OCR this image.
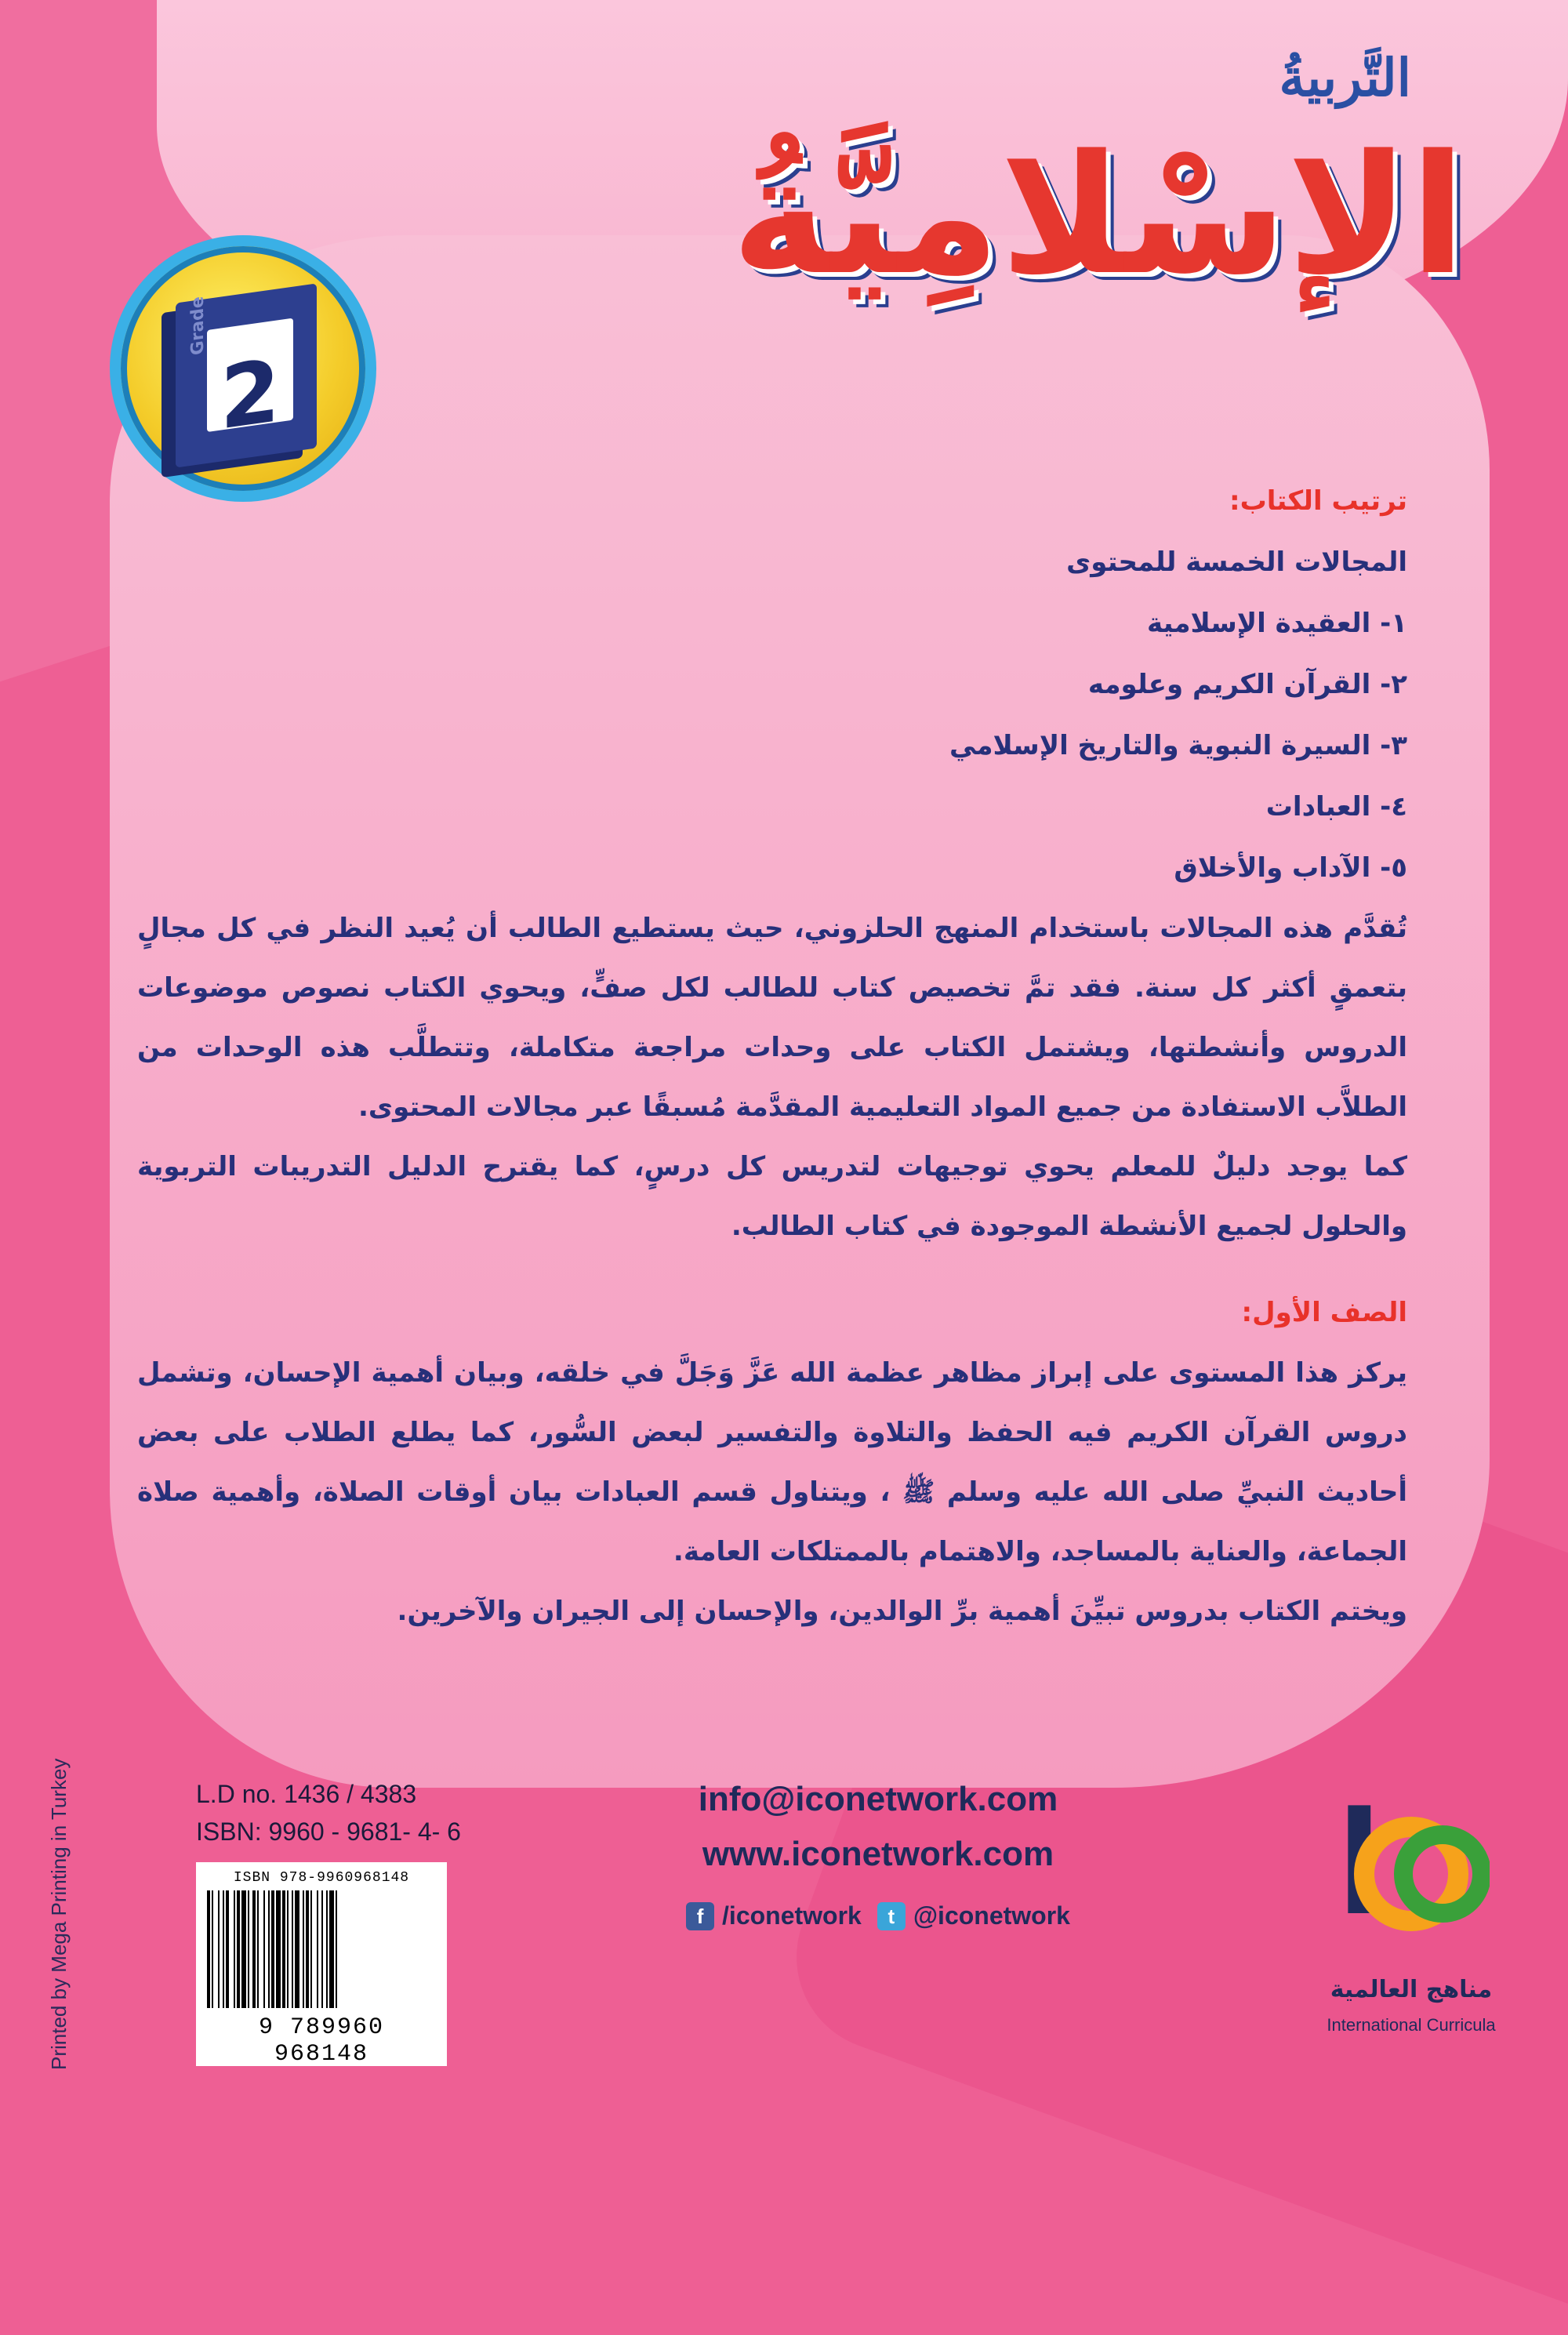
التَّربيةُ
الإسْلامِيَّةُ
2
Grade
ترتيب الكتاب:
المجالات الخمسة للمحتوى
١- العقيدة الإسلامية
٢- القرآن الكريم وعلومه
٣- السيرة النبوية والتاريخ الإسلامي
٤- العبادات
٥- الآداب والأخلاق
تُقدَّم هذه المجالات باستخدام المنهج الحلزوني، حيث يستطيع الطالب أن يُعيد النظر في كل مجالٍ بتعمقٍ أكثر كل سنة. فقد تمَّ تخصيص كتاب للطالب لكل صفٍّ، ويحوي الكتاب نصوص موضوعات الدروس وأنشطتها، ويشتمل الكتاب على وحدات مراجعة متكاملة، وتتطلَّب هذه الوحدات من الطلاَّب الاستفادة من جميع المواد التعليمية المقدَّمة مُسبقًا عبر مجالات المحتوى.
كما يوجد دليلٌ للمعلم يحوي توجيهات لتدريس كل درسٍ، كما يقترح الدليل التدريبات التربوية والحلول لجميع الأنشطة الموجودة في كتاب الطالب.
الصف الأول:
يركز هذا المستوى على إبراز مظاهر عظمة الله عَزَّ وَجَلَّ في خلقه، وبيان أهمية الإحسان، وتشمل دروس القرآن الكريم فيه الحفظ والتلاوة والتفسير لبعض السُّور، كما يطلع الطلاب على بعض أحاديث النبيِّ صلى الله عليه وسلم ﷺ ، ويتناول قسم العبادات بيان أوقات الصلاة، وأهمية صلاة الجماعة، والعناية بالمساجد، والاهتمام بالممتلكات العامة.
ويختم الكتاب بدروس تبيِّنَ أهمية برِّ الوالدين، والإحسان إلى الجيران والآخرين.
Printed by Mega Printing in Turkey	L.D no. 1436 / 4383
ISBN: 9960 - 9681- 4- 6
ISBN 978-9960968148
9 789960 968148
info@iconetwork.com
www.iconetwork.com
f /iconetwork	t @iconetwork I
مناهج العالمية
International Curricula
